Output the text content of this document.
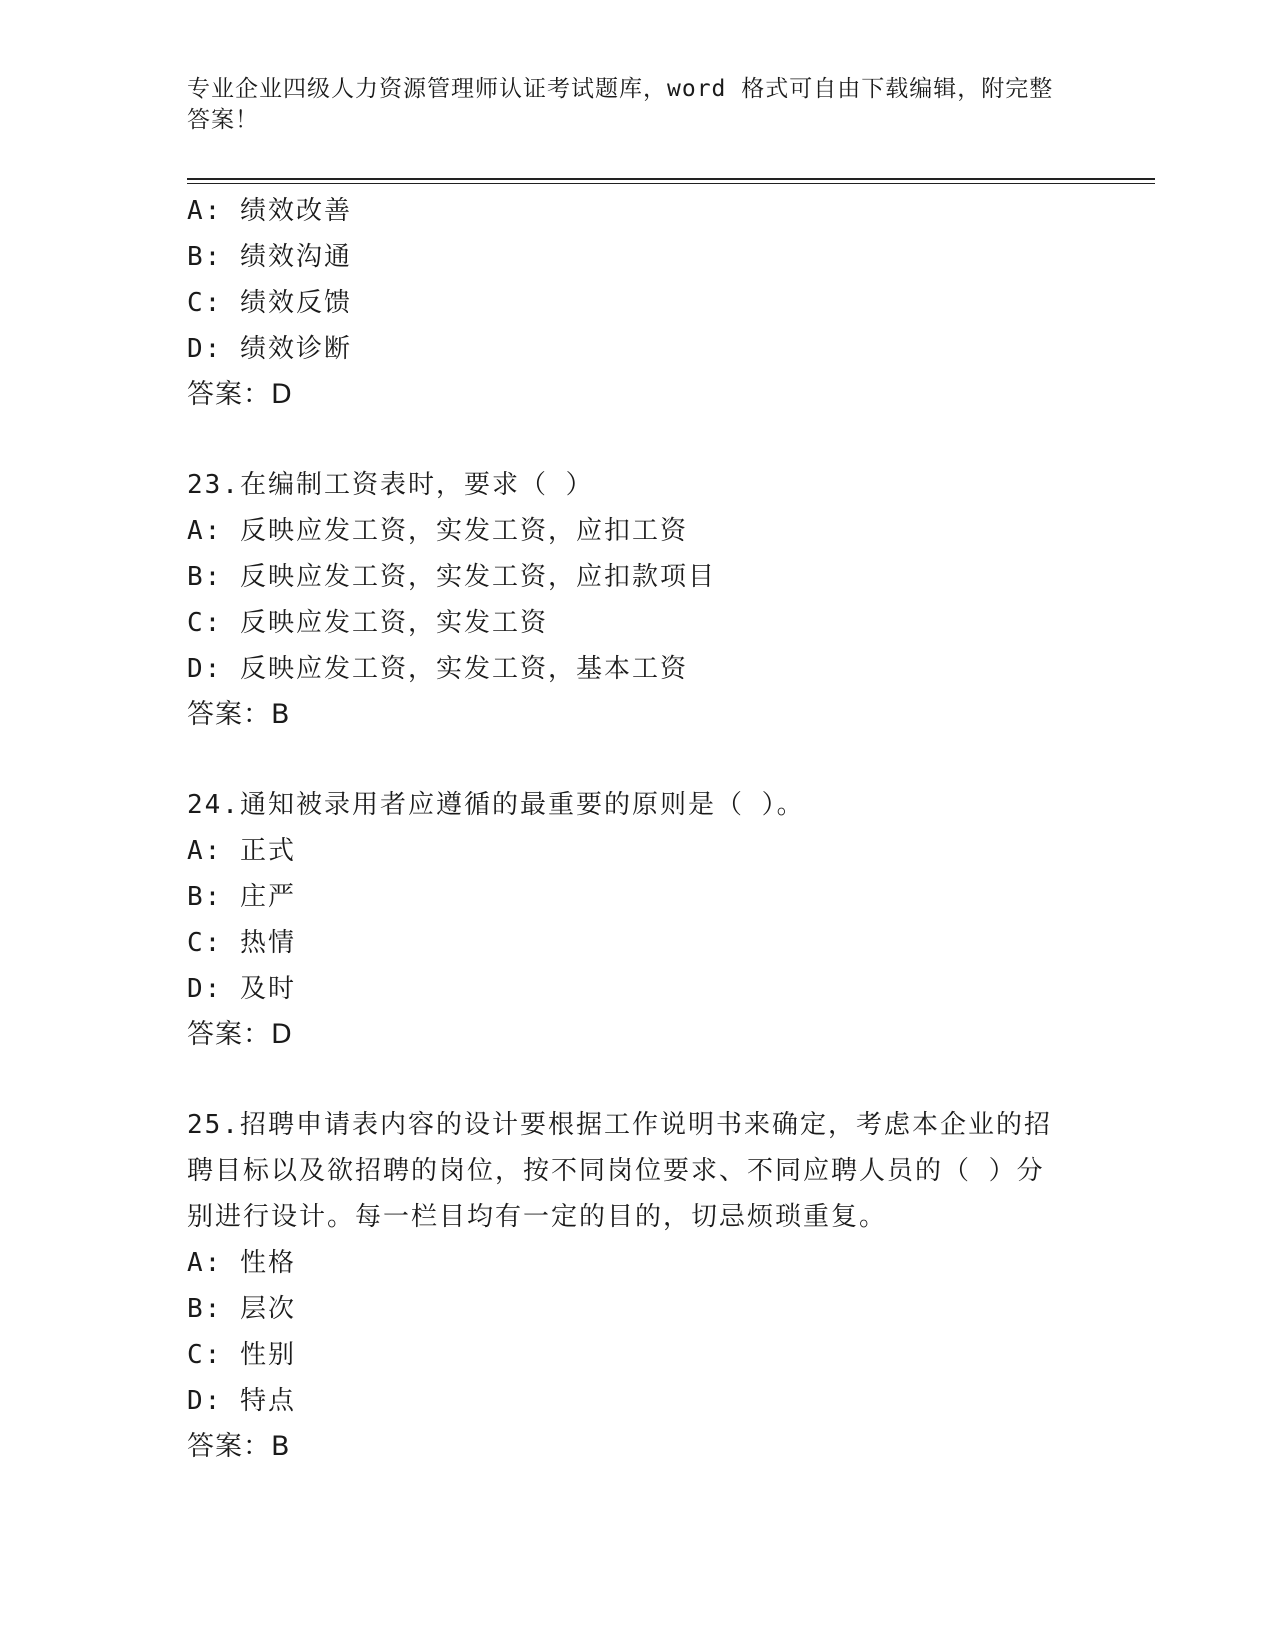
专业企业四级人力资源管理师认证考试题库，word 格式可自由下载编辑，附完整答案！
A: 绩效改善
B: 绩效沟通
C: 绩效反馈
D: 绩效诊断
答案：D
23.在编制工资表时，要求（ ）
A: 反映应发工资，实发工资，应扣工资
B: 反映应发工资，实发工资，应扣款项目
C: 反映应发工资，实发工资
D: 反映应发工资，实发工资，基本工资
答案：B
24.通知被录用者应遵循的最重要的原则是（ ）。
A: 正式
B: 庄严
C: 热情
D: 及时
答案：D
25.招聘申请表内容的设计要根据工作说明书来确定，考虑本企业的招
聘目标以及欲招聘的岗位，按不同岗位要求、不同应聘人员的（ ）分
别进行设计。每一栏目均有一定的目的，切忌烦琐重复。
A: 性格
B: 层次
C: 性别
D: 特点
答案：B
